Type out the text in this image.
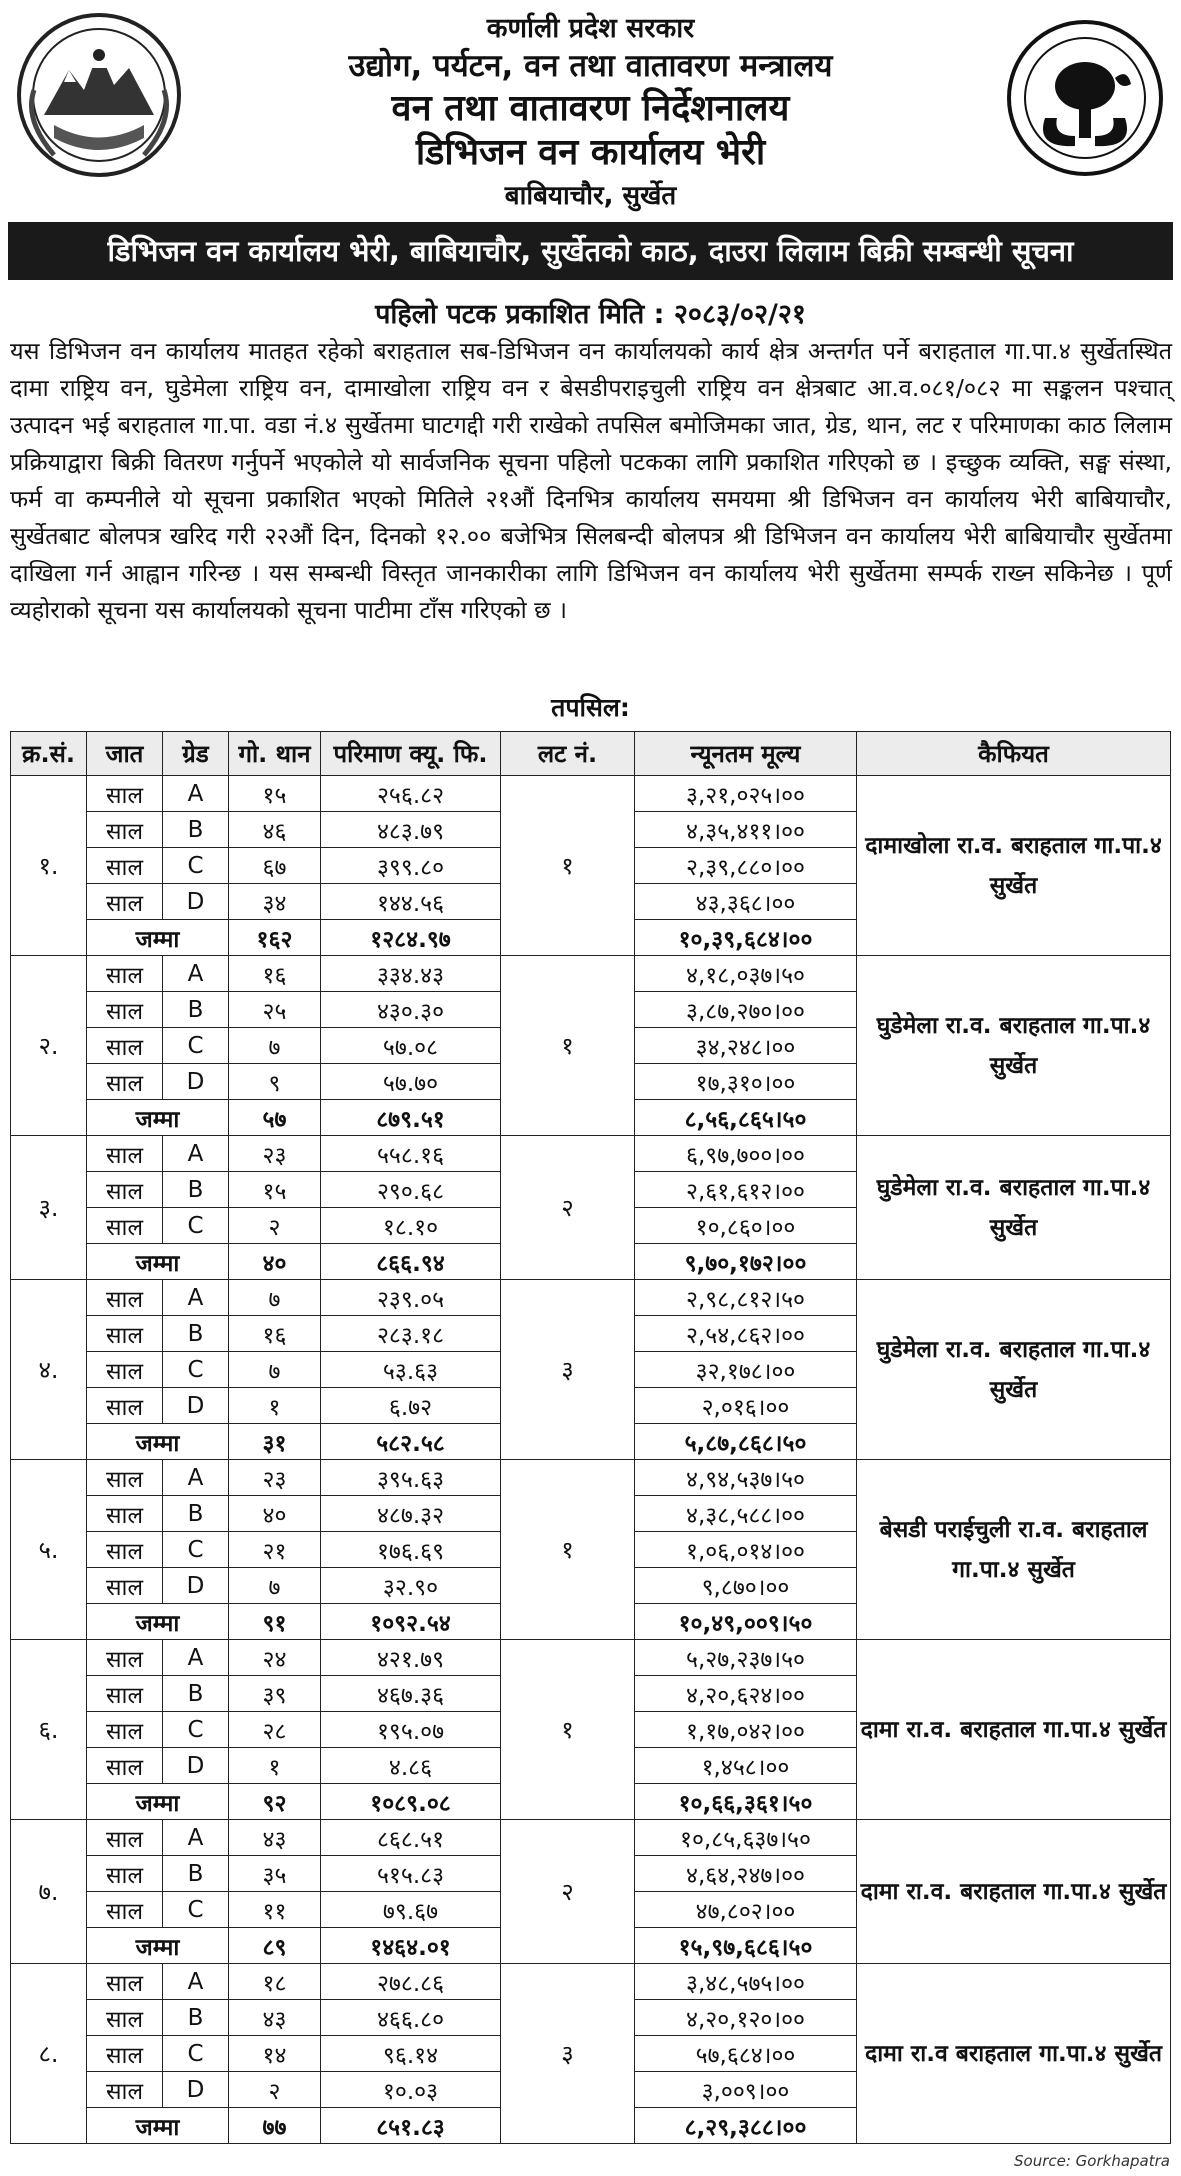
कर्णाली प्रदेश सरकार
उद्योग, पर्यटन, वन तथा वातावरण मन्त्रालय
वन तथा वातावरण निर्देशनालय
डिभिजन वन कार्यालय भेरी
बाबियाचौर, सुर्खेत
डिभिजन वन कार्यालय भेरी, बाबियाचौर, सुर्खेतको काठ, दाउरा लिलाम बिक्री सम्बन्धी सूचना
पहिलो पटक प्रकाशित मिति : २०८३/०२/२१

यस डिभिजन वन कार्यालय मातहत रहेको बराहताल सब-डिभिजन वन कार्यालयको कार्य क्षेत्र अन्तर्गत पर्ने बराहताल गा.पा.४ सुर्खेतस्थित दामा राष्ट्रिय वन, घुडेमेला राष्ट्रिय वन, दामाखोला राष्ट्रिय वन र बेसडीपराइचुली राष्ट्रिय वन क्षेत्रबाट आ.व.०८१/०८२ मा सङ्कलन पश्चात् उत्पादन भई बराहताल गा.पा. वडा नं.४ सुर्खेतमा घाटगद्दी गरी राखेको तपसिल बमोजिमका जात, ग्रेड, थान, लट र परिमाणका काठ लिलाम प्रक्रियाद्वारा बिक्री वितरण गर्नुपर्ने भएकोले यो सार्वजनिक सूचना पहिलो पटकका लागि प्रकाशित गरिएको छ । इच्छुक व्यक्ति, सङ्घ संस्था, फर्म वा कम्पनीले यो सूचना प्रकाशित भएको मितिले २१औं दिनभित्र कार्यालय समयमा श्री डिभिजन वन कार्यालय भेरी बाबियाचौर, सुर्खेतबाट बोलपत्र खरिद गरी २२औं दिन, दिनको १२.०० बजेभित्र सिलबन्दी बोलपत्र श्री डिभिजन वन कार्यालय भेरी बाबियाचौर सुर्खेतमा दाखिला गर्न आह्वान गरिन्छ । यस सम्बन्धी विस्तृत जानकारीका लागि डिभिजन वन कार्यालय भेरी सुर्खेतमा सम्पर्क राख्न सकिनेछ । पूर्ण व्यहोराको सूचना यस कार्यालयको सूचना पाटीमा टाँस गरिएको छ ।

तपसिल:
क्र.सं.	जात	ग्रेड	गो. थान	परिमाण क्यू. फि.	लट नं.	न्यूनतम मूल्य	कैफियत
१.	साल	A	१५	२५६.८२	१	३,२१,०२५।००	दामाखोला रा.व. बराहताल गा.पा.४ सुर्खेत
	साल	B	४६	४८३.७९		४,३५,४११।००	
	साल	C	६७	३९९.८०		२,३९,८८०।००	
	साल	D	३४	१४४.५६		४३,३६८।००	
	जम्मा		१६२	१२८४.९७		१०,३९,६८४।००	
२.	साल	A	१६	३३४.४३	१	४,१८,०३७।५०	घुडेमेला रा.व. बराहताल गा.पा.४ सुर्खेत
	साल	B	२५	४३०.३०		३,८७,२७०।००	
	साल	C	७	५७.०८		३४,२४८।००	
	साल	D	९	५७.७०		१७,३१०।००	
	जम्मा		५७	८७९.५१		८,५६,८६५।५०	
३.	साल	A	२३	५५८.१६	२	६,९७,७००।००	घुडेमेला रा.व. बराहताल गा.पा.४ सुर्खेत
	साल	B	१५	२९०.६८		२,६१,६१२।००	
	साल	C	२	१८.१०		१०,८६०।००	
	जम्मा		४०	८६६.९४		९,७०,१७२।००	
४.	साल	A	७	२३९.०५	३	२,९८,८१२।५०	घुडेमेला रा.व. बराहताल गा.पा.४ सुर्खेत
	साल	B	१६	२८३.१८		२,५४,८६२।००	
	साल	C	७	५३.६३		३२,१७८।००	
	साल	D	१	६.७२		२,०१६।००	
	जम्मा		३१	५८२.५८		५,८७,८६८।५०	
५.	साल	A	२३	३९५.६३	१	४,९४,५३७।५०	बेसडी पराईचुली रा.व. बराहताल गा.पा.४ सुर्खेत
	साल	B	४०	४८७.३२		४,३८,५८८।००	
	साल	C	२१	१७६.६९		१,०६,०१४।००	
	साल	D	७	३२.९०		९,८७०।००	
	जम्मा		९१	१०९२.५४		१०,४९,००९।५०	
६.	साल	A	२४	४२१.७९	१	५,२७,२३७।५०	दामा रा.व. बराहताल गा.पा.४ सुर्खेत
	साल	B	३९	४६७.३६		४,२०,६२४।००	
	साल	C	२८	१९५.०७		१,१७,०४२।००	
	साल	D	१	४.८६		१,४५८।००	
	जम्मा		९२	१०८९.०८		१०,६६,३६१।५०	
७.	साल	A	४३	८६८.५१	२	१०,८५,६३७।५०	दामा रा.व. बराहताल गा.पा.४ सुर्खेत
	साल	B	३५	५१५.८३		४,६४,२४७।००	
	साल	C	११	७९.६७		४७,८०२।००	
	जम्मा		८९	१४६४.०१		१५,९७,६८६।५०	
८.	साल	A	१८	२७८.८६	३	३,४८,५७५।००	दामा रा.व बराहताल गा.पा.४ सुर्खेत
	साल	B	४३	४६६.८०		४,२०,१२०।००	
	साल	C	१४	९६.१४		५७,६८४।००	
	साल	D	२	१०.०३		३,००९।००	
	जम्मा		७७	८५१.८३		८,२९,३८८।००	
Source: Gorkhapatra
